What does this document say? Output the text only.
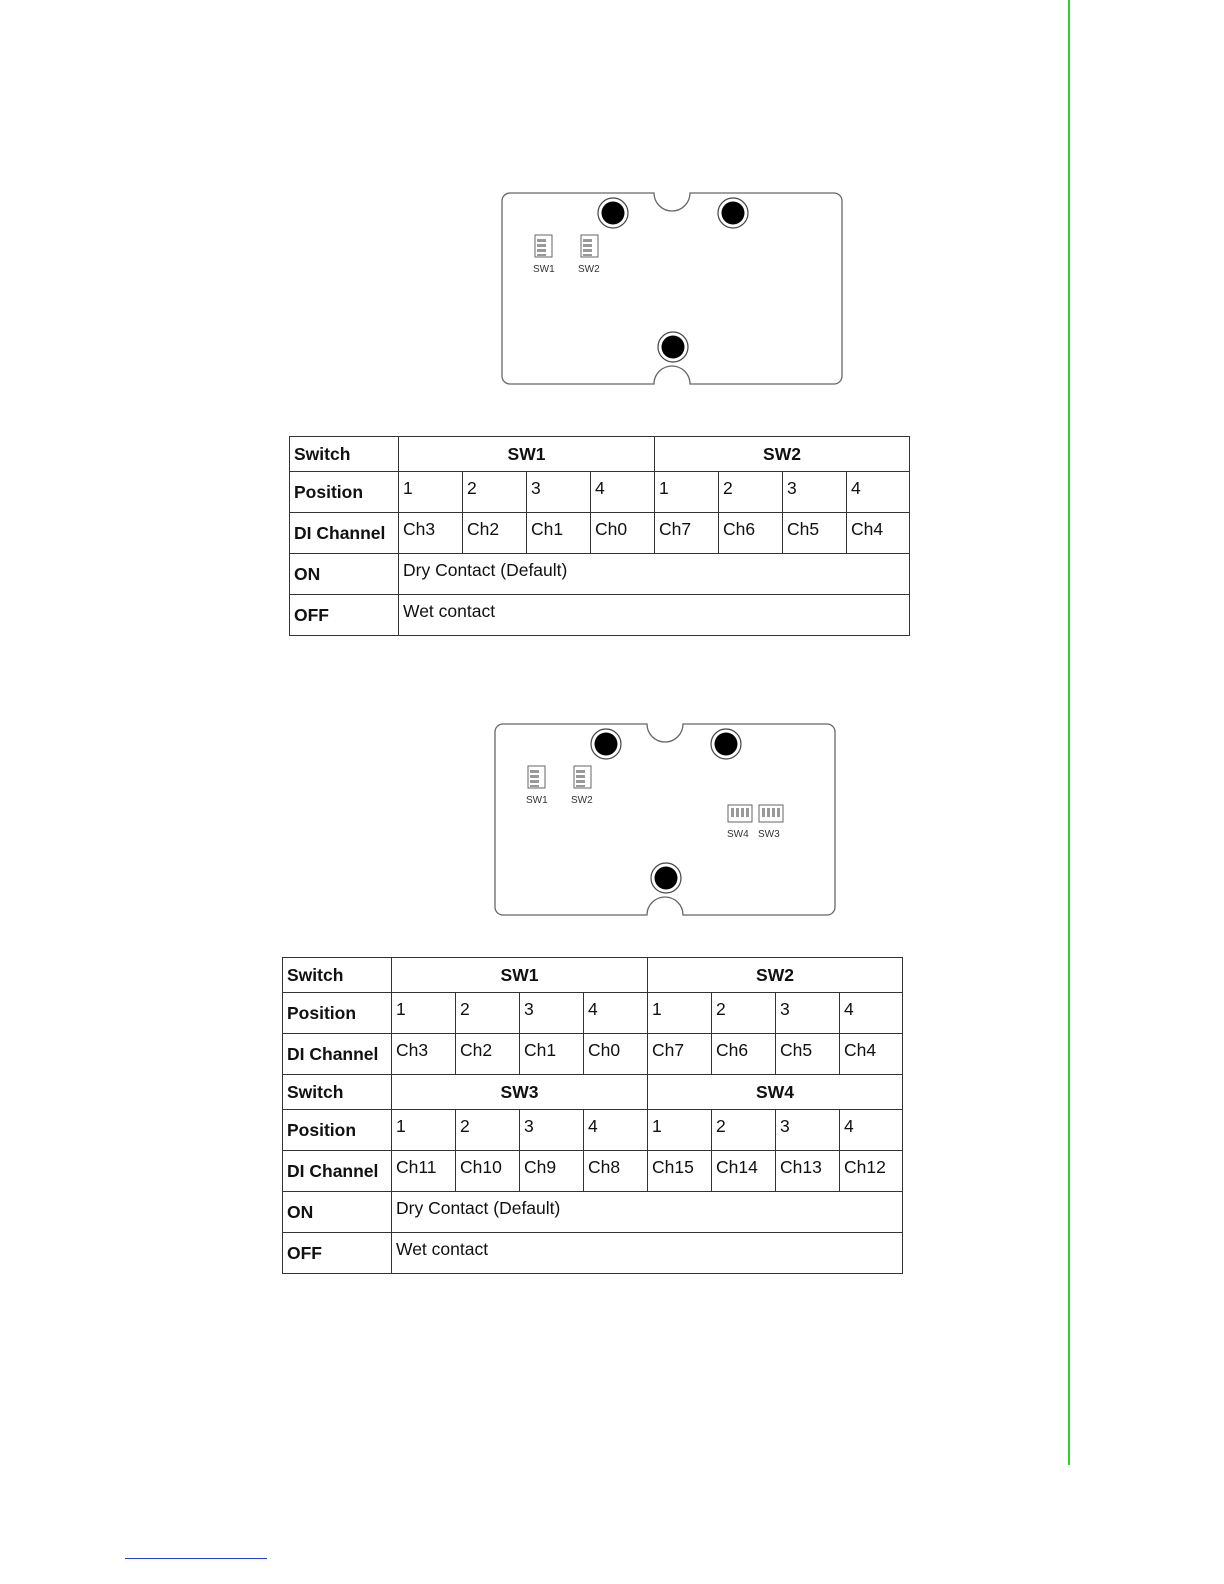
SW1 SW2
Switch	SW1				SW2			
Position	1	2	3	4	1	2	3	4
DI Channel	Ch3	Ch2	Ch1	Ch0	Ch7	Ch6	Ch5	Ch4
ON	Dry Contact (Default)							
OFF	Wet contact							
SW1 SW2
SW4 SW3
Switch	SW1				SW2			
Position	1	2	3	4	1	2	3	4
DI Channel	Ch3	Ch2	Ch1	Ch0	Ch7	Ch6	Ch5	Ch4
Switch	SW3				SW4			
Position	1	2	3	4	1	2	3	4
DI Channel	Ch11	Ch10	Ch9	Ch8	Ch15	Ch14	Ch13	Ch12
ON	Dry Contact (Default)							
OFF	Wet contact							
